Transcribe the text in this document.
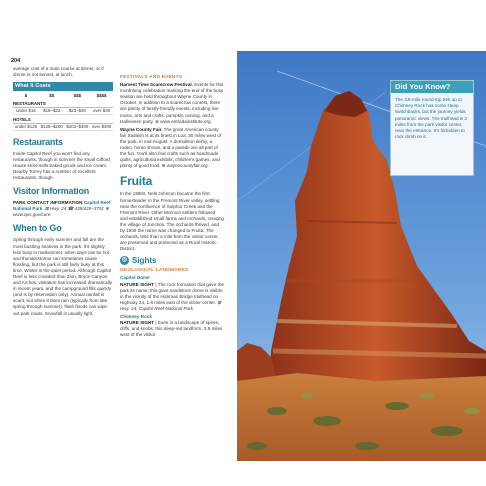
204

average cost of a main course at dinner, or if dinner is not served, at lunch.

What It Costs
$	$$	$$$	$$$$
RESTAURANTS			
under $16	$16–$22	$23–$30	over $30
HOTELS			
under $125	$125–$200	$201–$300	over $300
Restaurants

Inside Capitol Reef you won't find any restaurants, though in summer the small Gifford House store sells baked goods and ice cream. Nearby Torrey has a number of excellent restaurants, though.

Visitor Information

PARK CONTACT INFORMATION Capitol Reef National Park. ⊠ Hwy. 24 ☎ 435/425–3791 ⊕ www.nps.gov/care.

When to Go

Spring through early summer and fall are the most bustling seasons in the park. It's slightly less busy in midsummer, when days can be hot and thunderstorms can sometimes cause flooding, but the park is still fairly busy at this time. Winter is the quiet period. Although Capitol Reef is less crowded than Zion, Bryce Canyon, and Arches, visitation has increased dramatically in recent years, and the campground fills quickly (and is by reservation only). Annual rainfall is scant, but when it does rain (typically from late spring through summer), flash floods can wipe out park roads. Snowfall is usually light.

FESTIVALS AND EVENTS

Harvest Time Scarecrow Festival. Events for this monthlong celebration marking the end of the busy season are held throughout Wayne County in October. In addition to a scarecrow contest, there are plenty of family-friendly events, including live music, arts and crafts, pumpkin carving, and a Halloween party. ⊕ www.entradainstitute.org.

Wayne County Fair. The great American county fair tradition is at its finest in Loa, 30 miles west of the park, in mid-August. A demolition derby, a rodeo, horse shows, and a parade are all part of the fun. You'll also find crafts such as handmade quilts, agricultural exhibits, children's games, and plenty of good food. ⊕ waynecountyfair.org.

Fruita

In the 1880s, Nels Johnson became the first homesteader in the Fremont River valley, settling near the confluence of Sulphur Creek and the Fremont River. Other Mormon settlers followed and established small farms and orchards, creating the village of Junction. The orchards thrived, and by 1900 the name was changed to Fruita. The orchards, less than a mile from the visitor center, are preserved and protected as a Rural Historic District.

◎ Sights
GEOLOGICAL LANDMARKS
Capitol Dome

NATURE SIGHT | The rock formation that gave the park its name; this giant sandstone dome is visible in the vicinity of the Hickman Bridge trailhead on Highway 24, 1.9 miles east of the visitor center. ⊠ Hwy. 24, Capitol Reef National Park.

Chimney Rock

NATURE SIGHT | Even in a landscape of spires, cliffs, and knobs, this deep-red landform, 3.9 miles west of the visitor

Did You Know?
The 3.5-mile round-trip trek up to Chimney Rock has some steep switchbacks, but the journey yields panoramic views. The trailhead is 3 miles from the park visitor center, near the entrance. It's forbidden to rock climb on it.
